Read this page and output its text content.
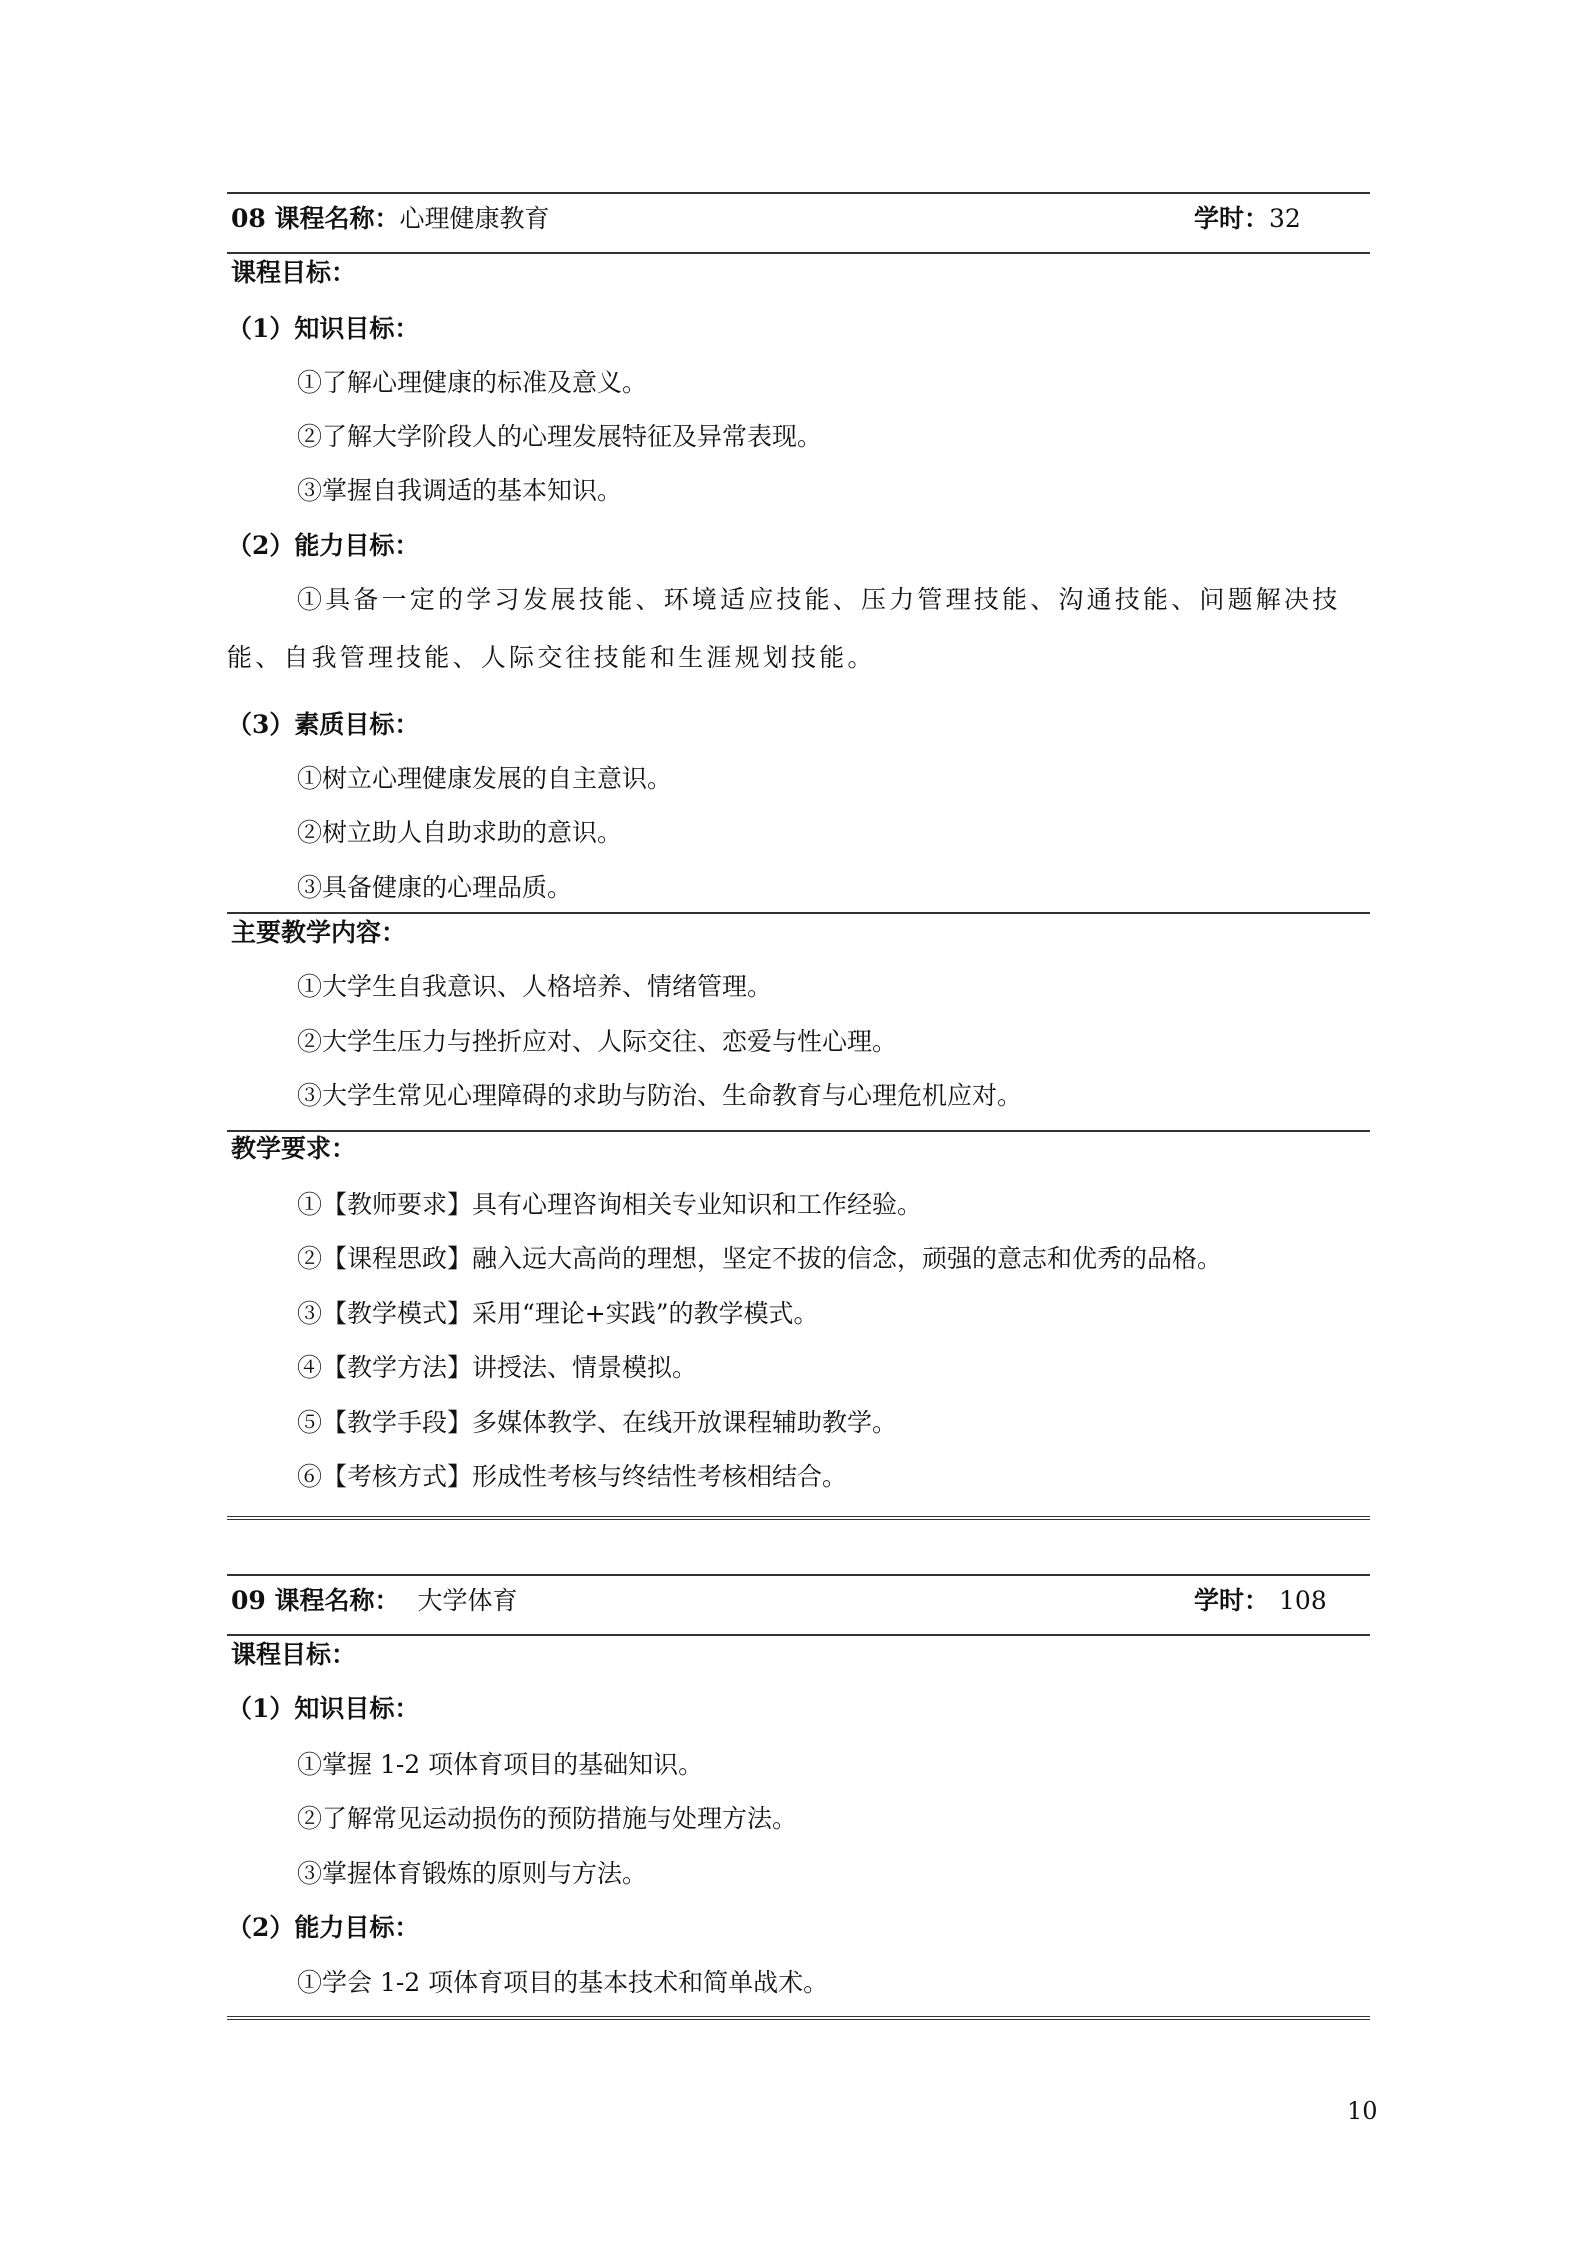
08 课程名称：心理健康教育	学时：32
课程目标：
（1）知识目标：
①了解心理健康的标准及意义。
②了解大学阶段人的心理发展特征及异常表现。
③掌握自我调适的基本知识。
（2）能力目标：
①具备一定的学习发展技能、环境适应技能、压力管理技能、沟通技能、问题解决技能、自我管理技能、人际交往技能和生涯规划技能。
（3）素质目标：
①树立心理健康发展的自主意识。
②树立助人自助求助的意识。
③具备健康的心理品质。
主要教学内容：
①大学生自我意识、人格培养、情绪管理。
②大学生压力与挫折应对、人际交往、恋爱与性心理。
③大学生常见心理障碍的求助与防治、生命教育与心理危机应对。
教学要求：
①【教师要求】具有心理咨询相关专业知识和工作经验。
②【课程思政】融入远大高尚的理想，坚定不拔的信念，顽强的意志和优秀的品格。
③【教学模式】采用“理论+实践”的教学模式。
④【教学方法】讲授法、情景模拟。
⑤【教学手段】多媒体教学、在线开放课程辅助教学。
⑥【考核方式】形成性考核与终结性考核相结合。
09 课程名称： 大学体育	学时： 108
课程目标：
（1）知识目标：
①掌握 1-2 项体育项目的基础知识。
②了解常见运动损伤的预防措施与处理方法。
③掌握体育锻炼的原则与方法。
（2）能力目标：
①学会 1-2 项体育项目的基本技术和简单战术。
10
